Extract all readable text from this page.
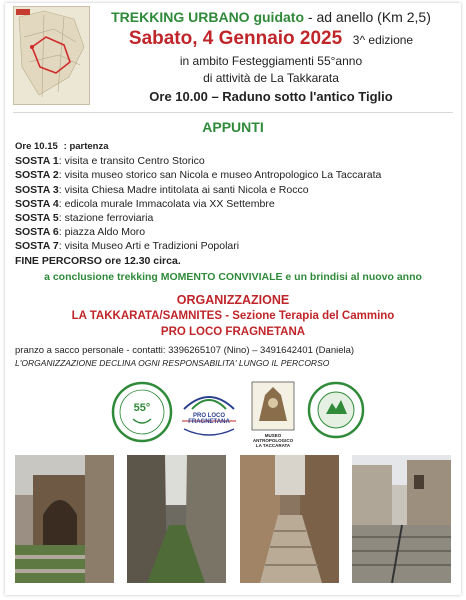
TREKKING URBANO guidato - ad anello (Km 2,5)
Sabato, 4 Gennaio 2025 3^ edizione
in ambito Festeggiamenti 55°anno
di attività de La Takkarata
Ore 10.00 – Raduno sotto l'antico Tiglio
APPUNTI
Ore 10.15 : partenza
SOSTA 1: visita e transito Centro Storico
SOSTA 2: visita museo storico san Nicola e museo Antropologico La Taccarata
SOSTA 3: visita Chiesa Madre intitolata ai santi Nicola e Rocco
SOSTA 4: edicola murale Immacolata via XX Settembre
SOSTA 5: stazione ferroviaria
SOSTA 6: piazza Aldo Moro
SOSTA 7: visita Museo Arti e Tradizioni Popolari
FINE PERCORSO ore 12.30 circa.
a conclusione trekking MOMENTO CONVIVIALE e un brindisi al nuovo anno
ORGANIZZAZIONE
LA TAKKARATA/SAMNITES - Sezione Terapia del Cammino
PRO LOCO FRAGNETANA
pranzo a sacco personale - contatti: 3396265107 (Nino) – 3491642401 (Daniela)
L'ORGANIZZAZIONE DECLINA OGNI RESPONSABILITA' LUNGO IL PERCORSO
55°
PRO LOCO FRAGNETANA
MUSEO ANTROPOLOGICO
LA TACCARATA
